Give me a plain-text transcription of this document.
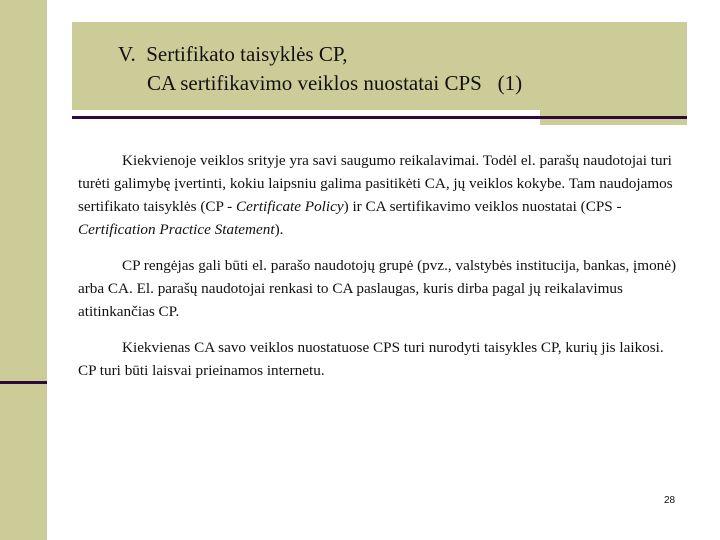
V.  Sertifikato taisyklės CP,
CA sertifikavimo veiklos nuostatai CPS   (1)

Kiekvienoje veiklos srityje yra savi saugumo reikalavimai. Todėl el. parašų naudotojai turi turėti galimybę įvertinti, kokiu laipsniu galima pasitikėti CA, jų veiklos kokybe. Tam naudojamos sertifikato taisyklės (CP - Certificate Policy) ir CA sertifikavimo veiklos nuostatai (CPS - Certification Practice Statement).

CP rengėjas gali būti el. parašo naudotojų grupė (pvz., valstybės institucija, bankas, įmonė) arba CA. El. parašų naudotojai renkasi to CA paslaugas, kuris dirba pagal jų reikalavimus atitinkančias CP.

Kiekvienas CA savo veiklos nuostatuose CPS turi nurodyti taisykles CP, kurių jis laikosi. CP turi būti laisvai prieinamos internetu.

28
